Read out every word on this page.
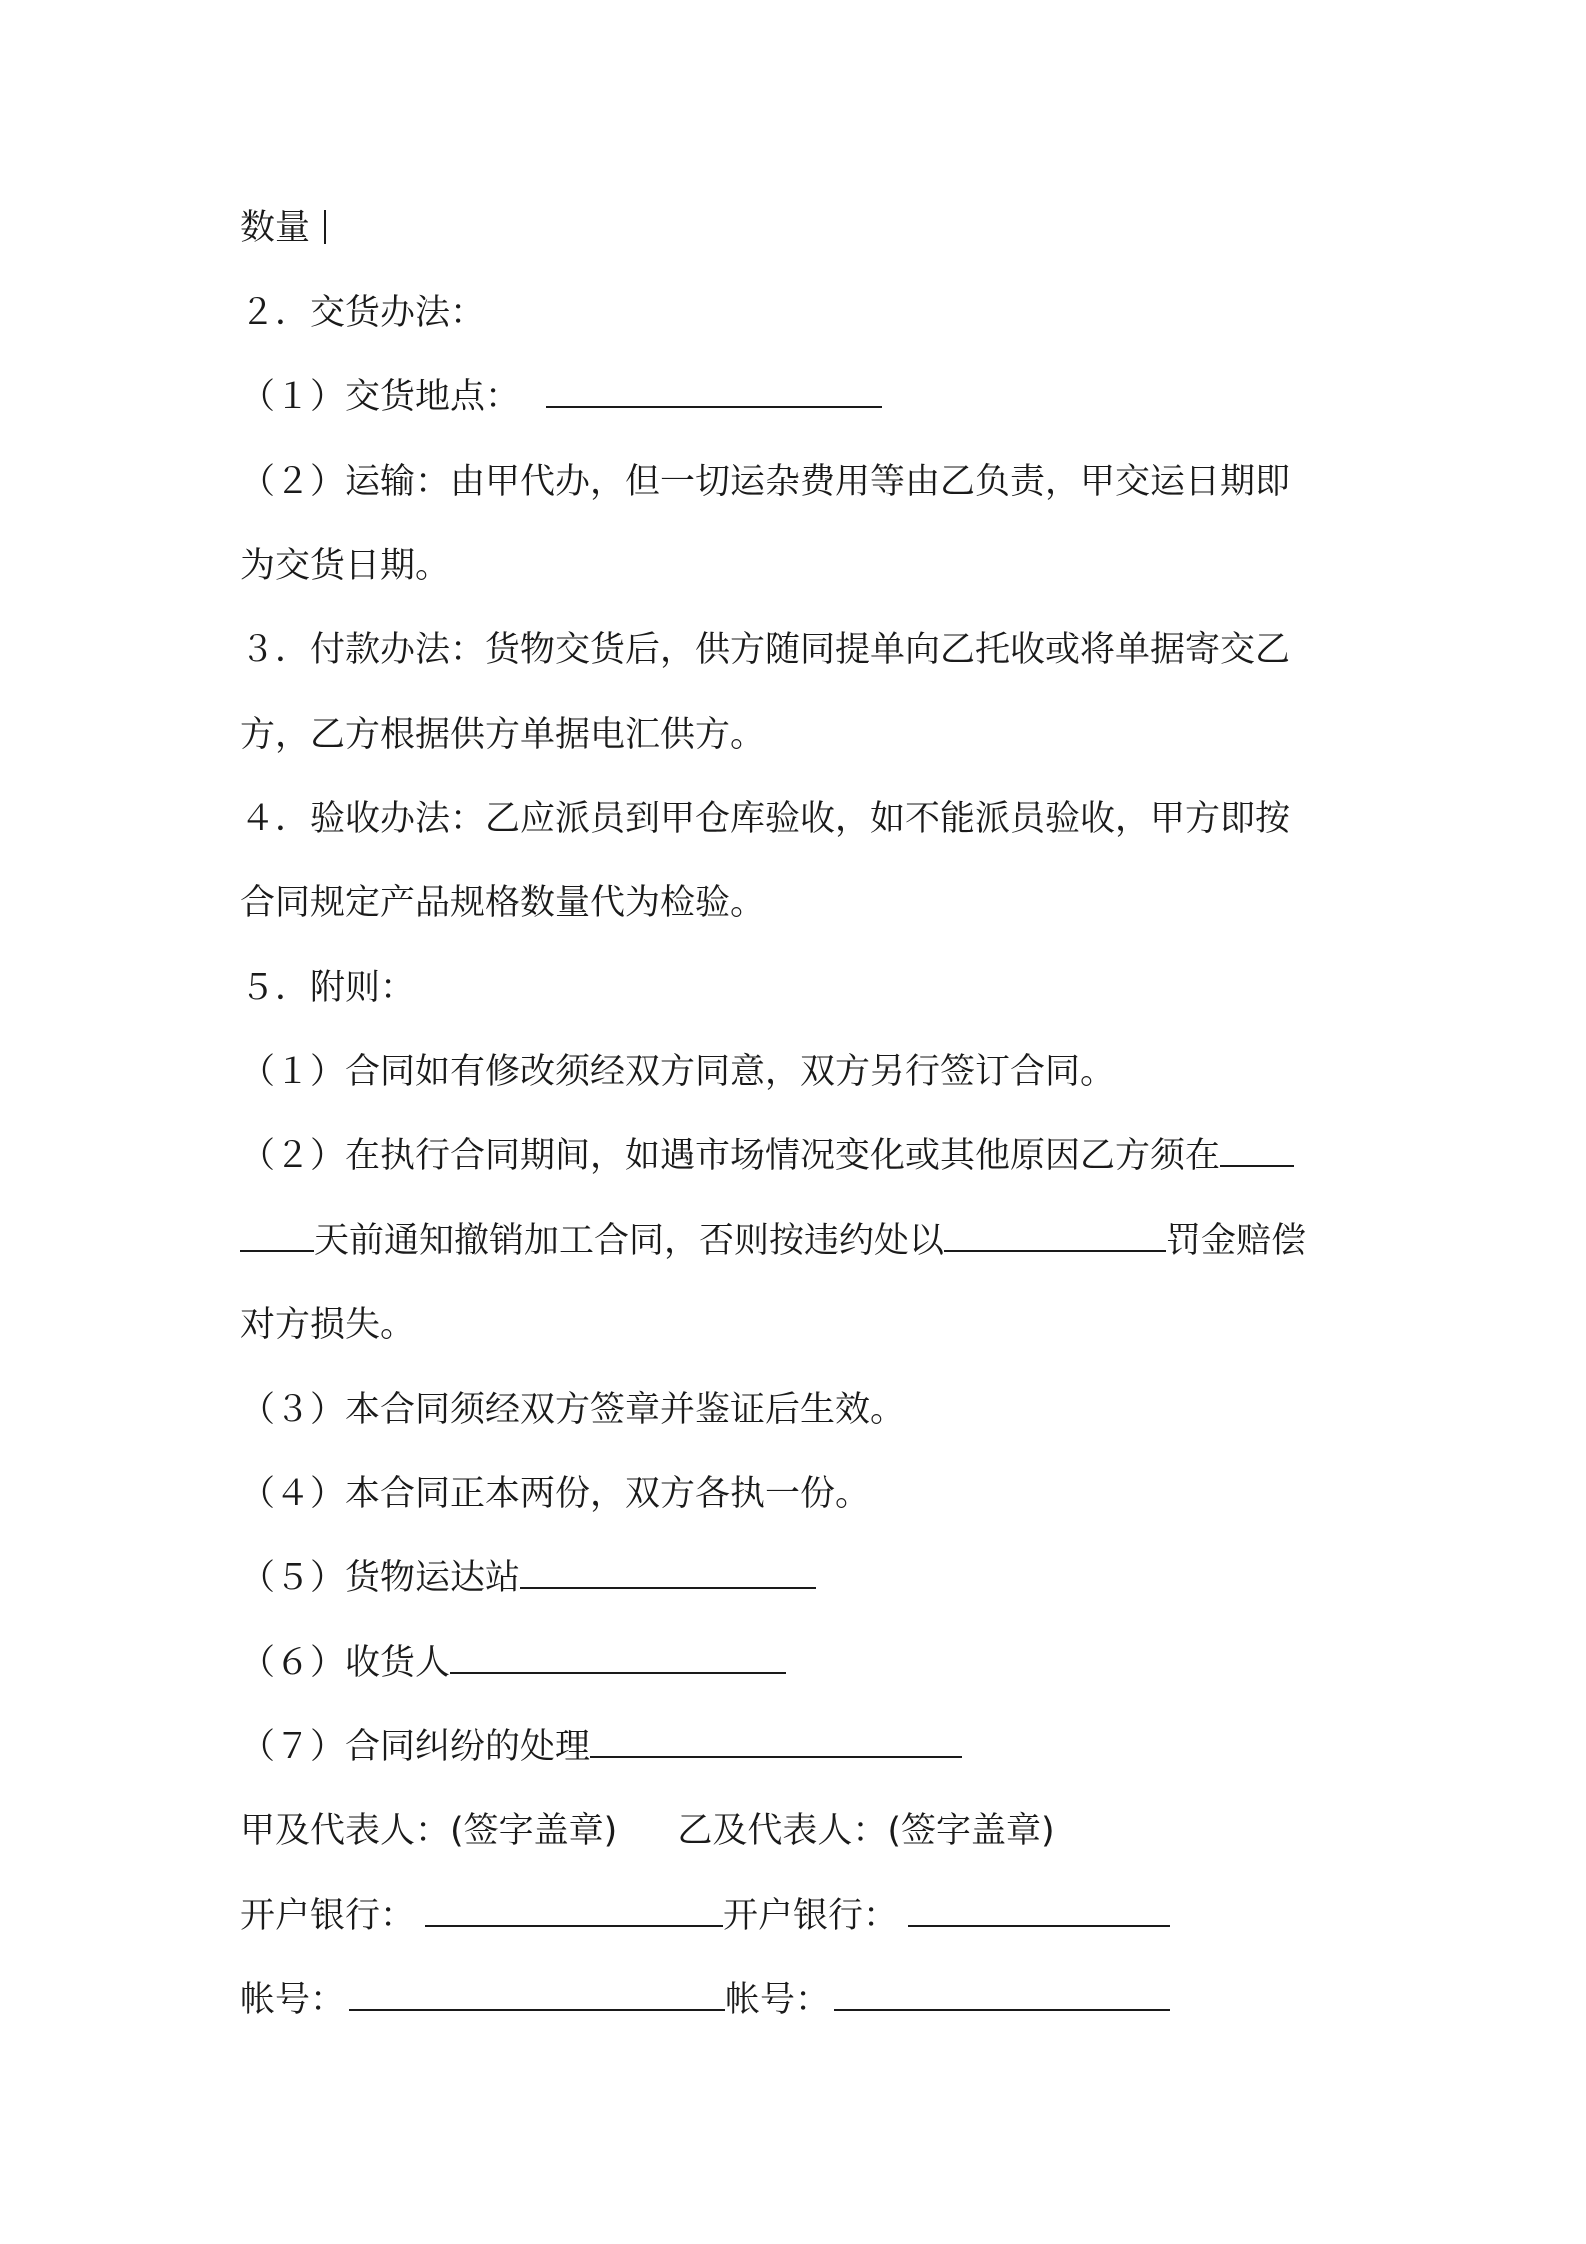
数量
２．交货办法：
（１）交货地点：
（２）运输：由甲代办，但一切运杂费用等由乙负责，甲交运日期即
为交货日期。
３．付款办法：货物交货后，供方随同提单向乙托收或将单据寄交乙
方，乙方根据供方单据电汇供方。
４．验收办法：乙应派员到甲仓库验收，如不能派员验收，甲方即按
合同规定产品规格数量代为检验。
５．附则：
（１）合同如有修改须经双方同意，双方另行签订合同。
（２）在执行合同期间，如遇市场情况变化或其他原因乙方须在
天前通知撤销加工合同，否则按违约处以	罚金赔偿
对方损失。
（３）本合同须经双方签章并鉴证后生效。
（４）本合同正本两份，双方各执一份。
（５）货物运达站
（６）收货人
（７）合同纠纷的处理
甲及代表人：(签字盖章) 乙及代表人：(签字盖章)
开户银行：	开户银行：
帐号：	帐号：
